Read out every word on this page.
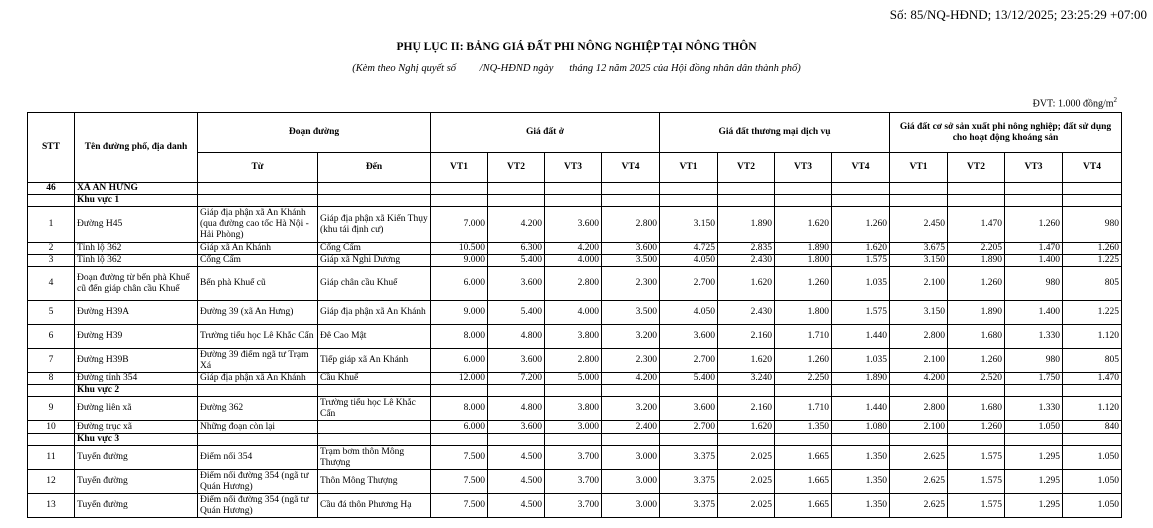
Số: 85/NQ-HĐND; 13/12/2025; 23:25:29 +07:00
PHỤ LỤC II: BẢNG GIÁ ĐẤT PHI NÔNG NGHIỆP TẠI NÔNG THÔN
(Kèm theo Nghị quyết số         /NQ-HĐND ngày      tháng 12 năm 2025 của Hội đồng nhân dân thành phố)
ĐVT: 1.000 đồng/$m^2$
STT	Tên đường phố, địa danh	Đoạn đường		Giá đất ở				Giá đất thương mại dịch vụ				Giá đất cơ sở sản xuất phi nông nghiệp; đất sử dụng cho hoạt động khoáng sản			
		Từ	Đến	VT1	VT2	VT3	VT4	VT1	VT2	VT3	VT4	VT1	VT2	VT3	VT4
46	XÃ AN HƯNG														
	Khu vực 1														
1	Đường H45	Giáp địa phận xã An Khánh (qua đường cao tốc Hà Nội - Hải Phòng)	Giáp địa phận xã Kiến Thụy (khu tái định cư)	7.000	4.200	3.600	2.800	3.150	1.890	1.620	1.260	2.450	1.470	1.260	980
2	Tỉnh lộ 362	Giáp xã An Khánh	Cống Cấm	10.500	6.300	4.200	3.600	4.725	2.835	1.890	1.620	3.675	2.205	1.470	1.260
3	Tỉnh lộ 362	Cống Cấm	Giáp xã Nghi Dương	9.000	5.400	4.000	3.500	4.050	2.430	1.800	1.575	3.150	1.890	1.400	1.225
4	Đoạn đường từ bến phà Khuể cũ đến giáp chân cầu Khuể	Bến phà Khuể cũ	Giáp chân cầu Khuể	6.000	3.600	2.800	2.300	2.700	1.620	1.260	1.035	2.100	1.260	980	805
5	Đường H39A	Đường 39 (xã An Hưng)	Giáp địa phận xã An Khánh	9.000	5.400	4.000	3.500	4.050	2.430	1.800	1.575	3.150	1.890	1.400	1.225
6	Đường H39	Trường tiểu học Lê Khắc Cẩn	Đê Cao Mật	8.000	4.800	3.800	3.200	3.600	2.160	1.710	1.440	2.800	1.680	1.330	1.120
7	Đường H39B	Đường 39 điểm ngã tư Trạm Xá	Tiếp giáp xã An Khánh	6.000	3.600	2.800	2.300	2.700	1.620	1.260	1.035	2.100	1.260	980	805
8	Đường tỉnh 354	Giáp địa phận xã An Khánh	Cầu Khuể	12.000	7.200	5.000	4.200	5.400	3.240	2.250	1.890	4.200	2.520	1.750	1.470
	Khu vực 2														
9	Đường liên xã	Đường 362	Trường tiểu học Lê Khắc Cẩn	8.000	4.800	3.800	3.200	3.600	2.160	1.710	1.440	2.800	1.680	1.330	1.120
10	Đường trục xã	Những đoạn còn lại		6.000	3.600	3.000	2.400	2.700	1.620	1.350	1.080	2.100	1.260	1.050	840
	Khu vực 3														
11	Tuyến đường	Điểm nối 354	Trạm bơm thôn Mông Thượng	7.500	4.500	3.700	3.000	3.375	2.025	1.665	1.350	2.625	1.575	1.295	1.050
12	Tuyến đường	Điểm nối đường 354 (ngã tư Quán Hương)	Thôn Mông Thượng	7.500	4.500	3.700	3.000	3.375	2.025	1.665	1.350	2.625	1.575	1.295	1.050
13	Tuyến đường	Điểm nối đường 354 (ngã tư Quán Hương)	Cầu đá thôn Phương Hạ	7.500	4.500	3.700	3.000	3.375	2.025	1.665	1.350	2.625	1.575	1.295	1.050
